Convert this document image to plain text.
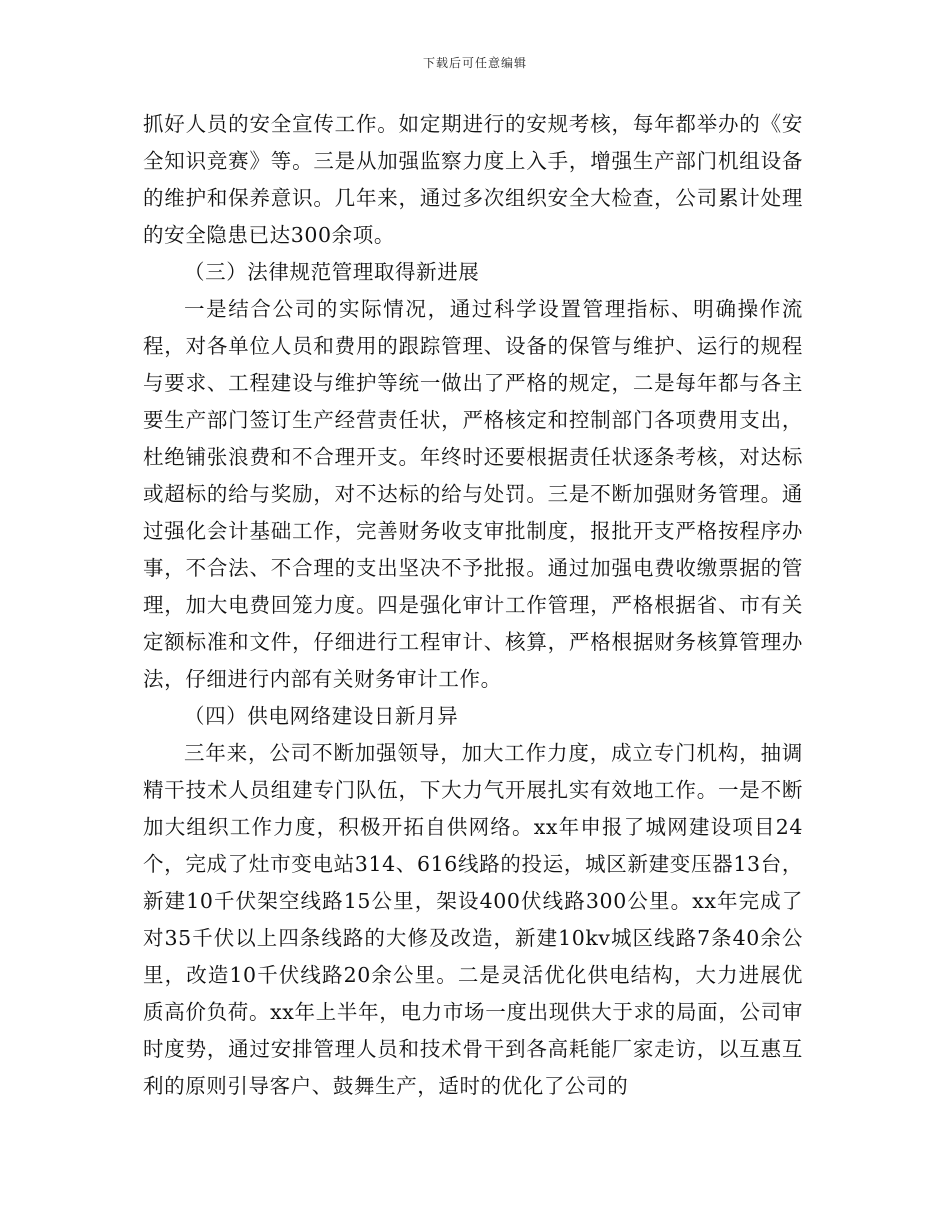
下载后可任意编辑

抓好人员的安全宣传工作。如定期进行的安规考核，每年都举办的《安全知识竞赛》等。三是从加强监察力度上入手，增强生产部门机组设备的维护和保养意识。几年来，通过多次组织安全大检查，公司累计处理的安全隐患已达300余项。

（三）法律规范管理取得新进展

一是结合公司的实际情况，通过科学设置管理指标、明确操作流程，对各单位人员和费用的跟踪管理、设备的保管与维护、运行的规程与要求、工程建设与维护等统一做出了严格的规定，二是每年都与各主要生产部门签订生产经营责任状，严格核定和控制部门各项费用支出，杜绝铺张浪费和不合理开支。年终时还要根据责任状逐条考核，对达标或超标的给与奖励，对不达标的给与处罚。三是不断加强财务管理。通过强化会计基础工作，完善财务收支审批制度，报批开支严格按程序办事，不合法、不合理的支出坚决不予批报。通过加强电费收缴票据的管理，加大电费回笼力度。四是强化审计工作管理，严格根据省、市有关定额标准和文件，仔细进行工程审计、核算，严格根据财务核算管理办法，仔细进行内部有关财务审计工作。

（四）供电网络建设日新月异

三年来，公司不断加强领导，加大工作力度，成立专门机构，抽调精干技术人员组建专门队伍，下大力气开展扎实有效地工作。一是不断加大组织工作力度，积极开拓自供网络。xx年申报了城网建设项目24个，完成了灶市变电站314、616线路的投运，城区新建变压器13台，新建10千伏架空线路15公里，架设400伏线路300公里。xx年完成了对35千伏以上四条线路的大修及改造，新建10kv城区线路7条40余公里，改造10千伏线路20余公里。二是灵活优化供电结构，大力进展优质高价负荷。xx年上半年，电力市场一度出现供大于求的局面，公司审时度势，通过安排管理人员和技术骨干到各高耗能厂家走访，以互惠互利的原则引导客户、鼓舞生产，适时的优化了公司的
